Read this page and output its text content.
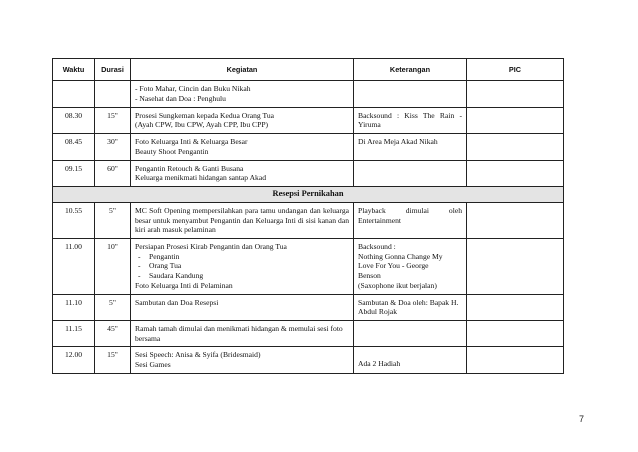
Waktu	Durasi	Kegiatan	Keterangan	PIC

		- Foto Mahar, Cincin dan Buku Nikah
- Nasehat dan Doa : Penghulu		

08.30	15"	Prosesi Sungkeman kepada Kedua Orang Tua
(Ayah CPW, Ibu CPW, Ayah CPP, Ibu CPP)	Backsound : Kiss The Rain - Yiruma	
08.45	30"	Foto Keluarga Inti & Keluarga Besar
Beauty Shoot Pengantin	Di Area Meja Akad Nikah	
09.15	60"	Pengantin Retouch & Ganti Busana
Keluarga menikmati hidangan santap Akad		

Resepsi Pernikahan				
10.55	5"	MC Soft Opening mempersilahkan para tamu undangan dan keluarga besar untuk menyambut Pengantin dan Keluarga Inti di sisi kanan dan kiri arah masuk pelaminan	Playback dimulai oleh
Entertainment	

11.00	10"	Persiapan Prosesi Kirab Pengantin dan Orang Tua
- Pengantin
- Orang Tua
- Saudara Kandung
Foto Keluarga Inti di Pelaminan	Backsound :
Nothing Gonna Change My
Love For You - George
Benson
(Saxophone ikut berjalan)	

11.10	5"	Sambutan dan Doa Resepsi	Sambutan & Doa oleh: Bapak H. Abdul Rojak	
11.15	45"	Ramah tamah dimulai dan menikmati hidangan & memulai sesi foto bersama		
12.00	15"	Sesi Speech: Anisa & Syifa (Bridesmaid)
Sesi Games	Ada 2 Hadiah	

7
